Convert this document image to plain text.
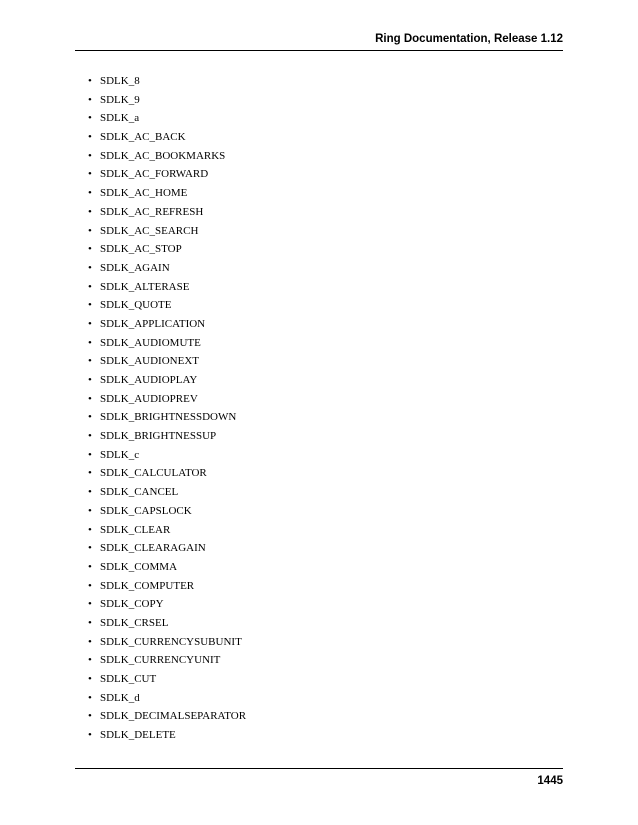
Ring Documentation, Release 1.12
• SDLK_8
• SDLK_9
• SDLK_a
• SDLK_AC_BACK
• SDLK_AC_BOOKMARKS
• SDLK_AC_FORWARD
• SDLK_AC_HOME
• SDLK_AC_REFRESH
• SDLK_AC_SEARCH
• SDLK_AC_STOP
• SDLK_AGAIN
• SDLK_ALTERASE
• SDLK_QUOTE
• SDLK_APPLICATION
• SDLK_AUDIOMUTE
• SDLK_AUDIONEXT
• SDLK_AUDIOPLAY
• SDLK_AUDIOPREV
• SDLK_BRIGHTNESSDOWN
• SDLK_BRIGHTNESSUP
• SDLK_c
• SDLK_CALCULATOR
• SDLK_CANCEL
• SDLK_CAPSLOCK
• SDLK_CLEAR
• SDLK_CLEARAGAIN
• SDLK_COMMA
• SDLK_COMPUTER
• SDLK_COPY
• SDLK_CRSEL
• SDLK_CURRENCYSUBUNIT
• SDLK_CURRENCYUNIT
• SDLK_CUT
• SDLK_d
• SDLK_DECIMALSEPARATOR
• SDLK_DELETE
1445
